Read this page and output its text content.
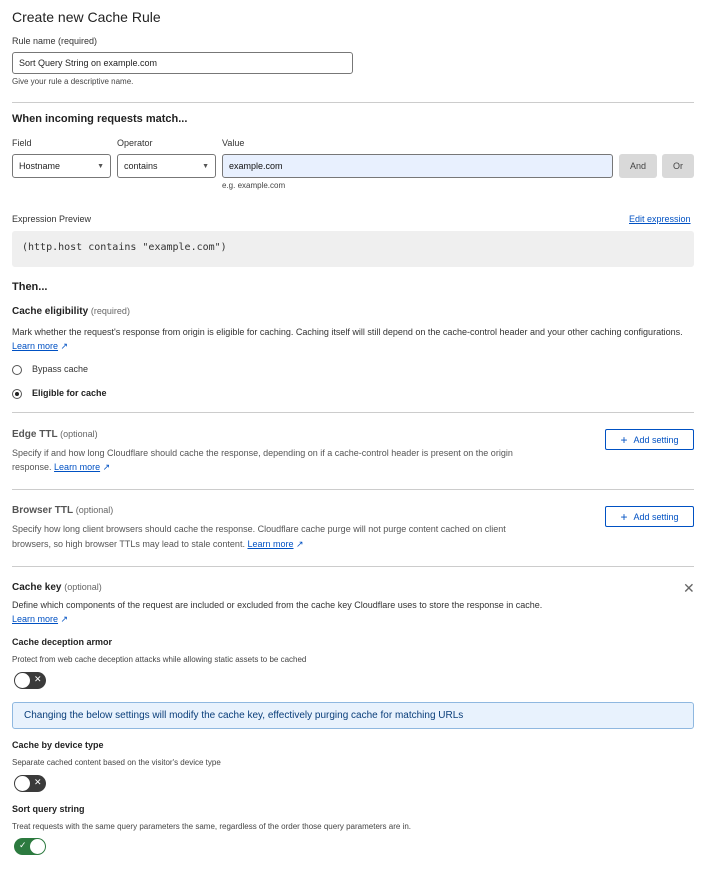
Create new Cache Rule
Rule name (required)
Sort Query String on example.com
Give your rule a descriptive name.
When incoming requests match...
Field	Operator	Value
Hostname	▼ contains	▼ example.com	And	Or
e.g. example.com
Expression Preview	Edit expression
(http.host contains "example.com")
Then...
Cache eligibility (required)
Mark whether the request's response from origin is eligible for caching. Caching itself will still depend on the cache-control header and your other caching configurations. Learn more ↗
Bypass cache
Eligible for cache
Edge TTL (optional)
Specify if and how long Cloudflare should cache the response, depending on if a cache-control header is present on the origin
response. Learn more ↗
+ Add setting
Browser TTL (optional)
Specify how long client browsers should cache the response. Cloudflare cache purge will not purge content cached on client
browsers, so high browser TTLs may lead to stale content. Learn more ↗
+ Add setting
Cache key (optional)	✕
Define which components of the request are included or excluded from the cache key Cloudflare uses to store the response in cache.
Learn more ↗
Cache deception armor
Protect from web cache deception attacks while allowing static assets to be cached
✕
Changing the below settings will modify the cache key, effectively purging cache for matching URLs
Cache by device type
Separate cached content based on the visitor's device type
✕
Sort query string
Treat requests with the same query parameters the same, regardless of the order those query parameters are in.
✓
